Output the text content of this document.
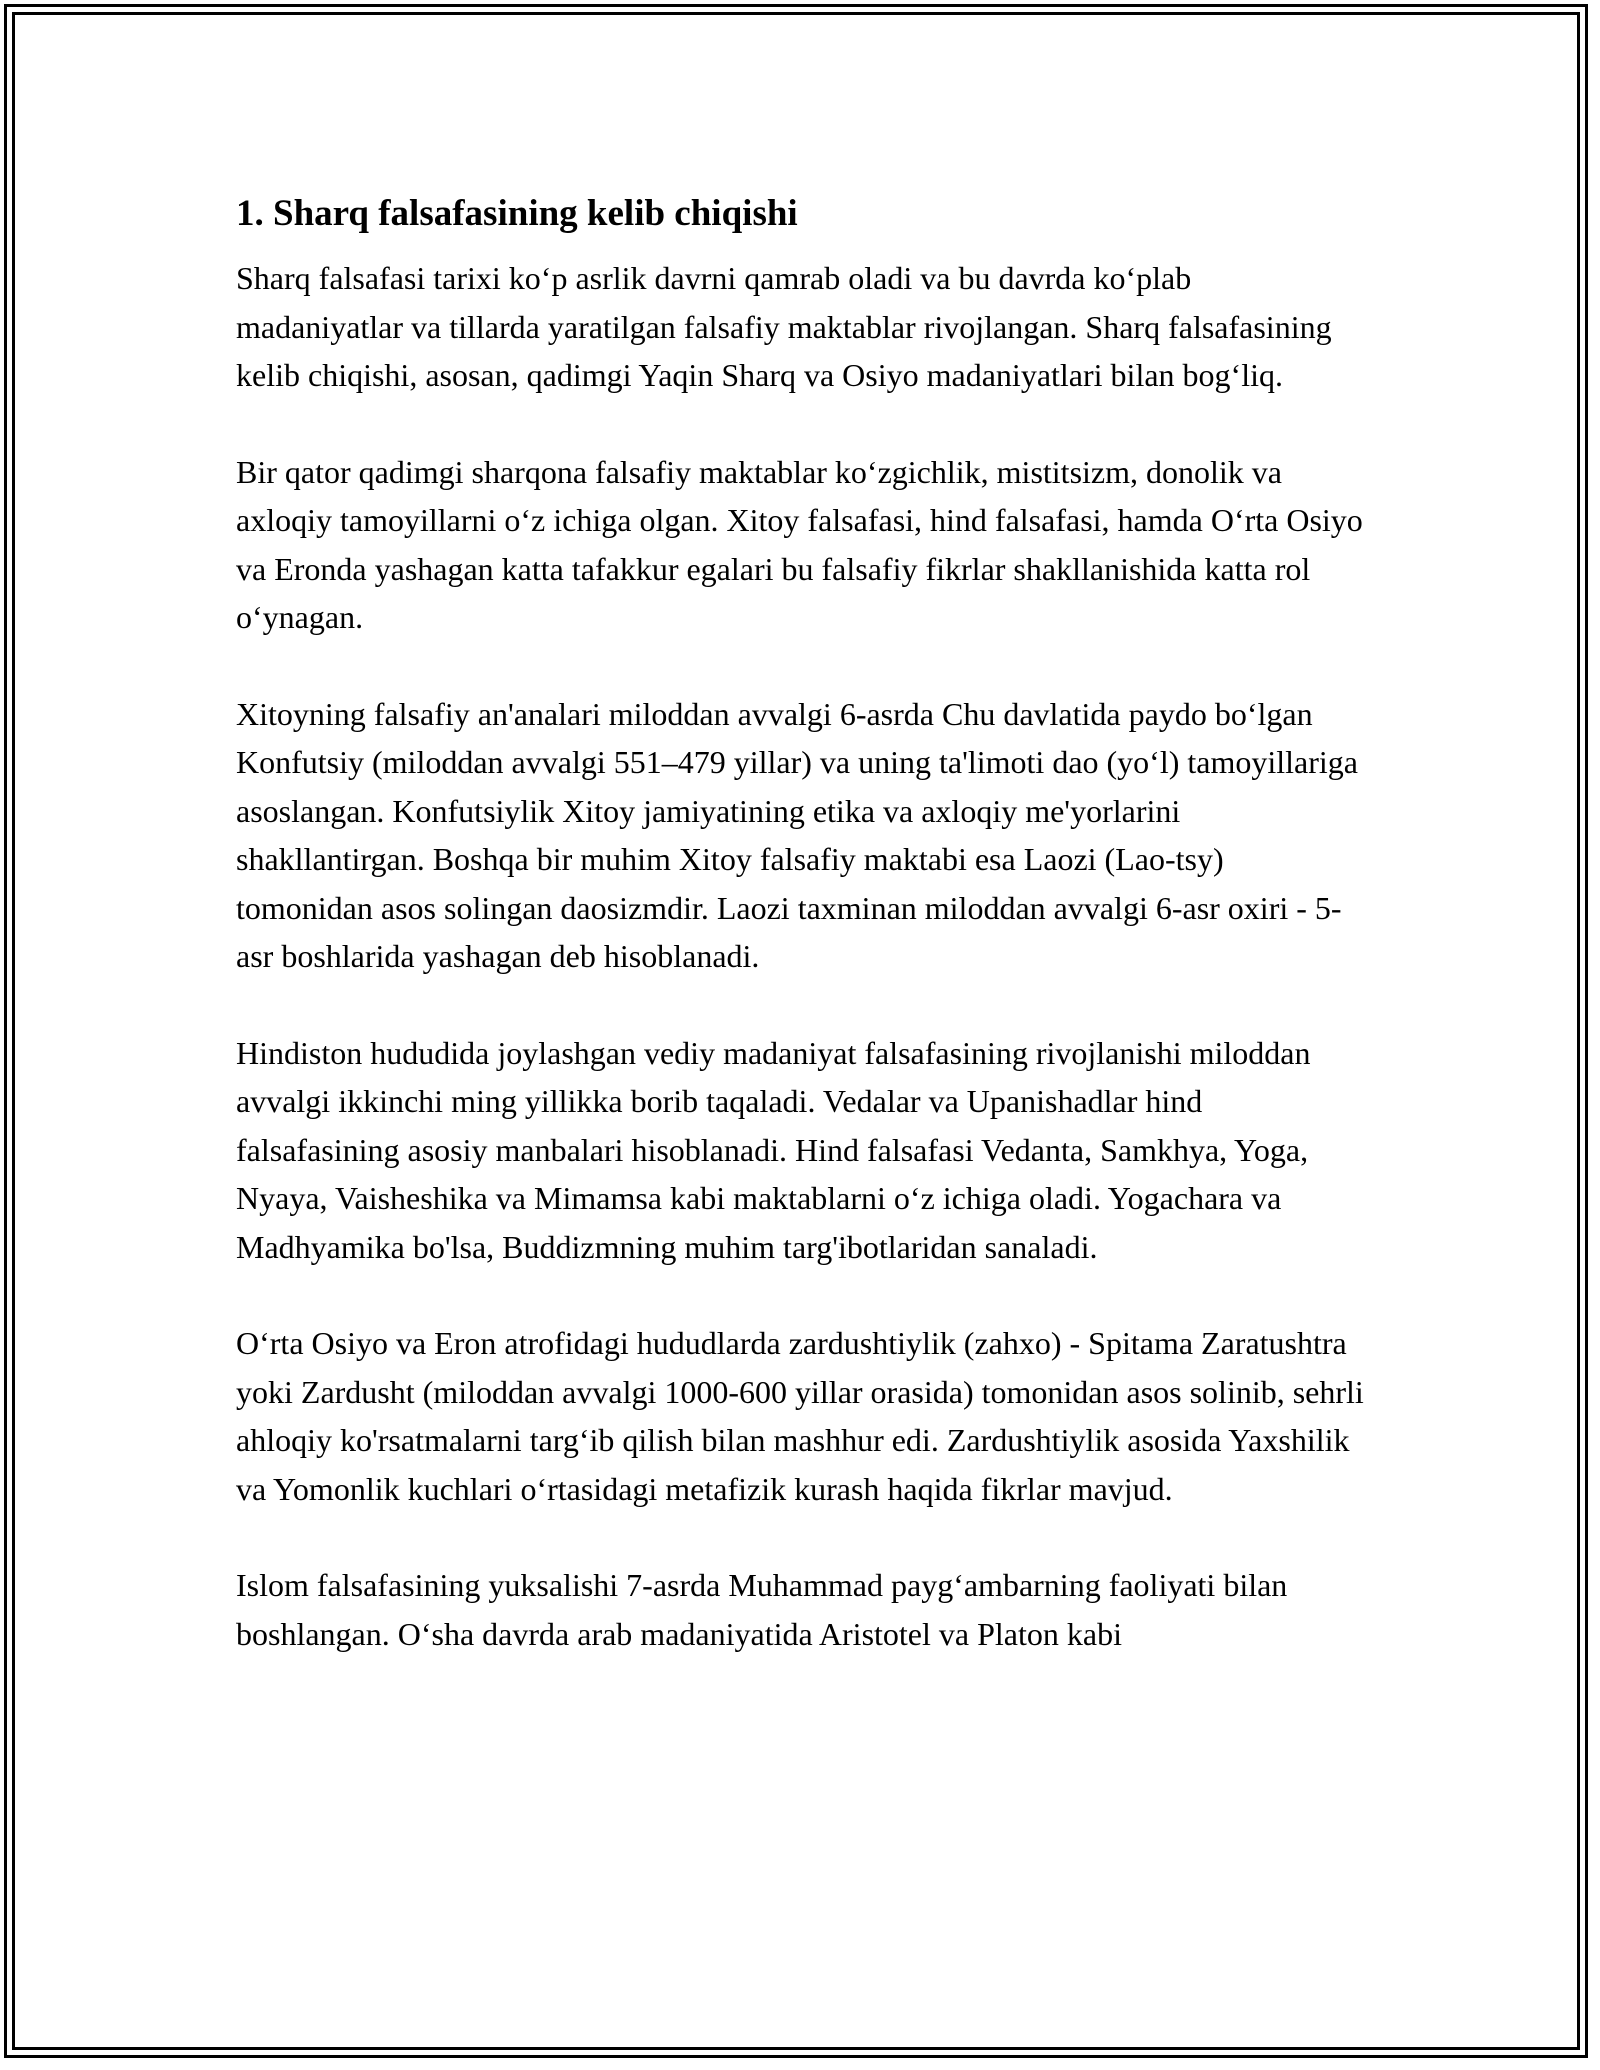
1. Sharq falsafasining kelib chiqishi

Sharq falsafasi tarixi ko‘p asrlik davrni qamrab oladi va bu davrda ko‘plab madaniyatlar va tillarda yaratilgan falsafiy maktablar rivojlangan. Sharq falsafasining kelib chiqishi, asosan, qadimgi Yaqin Sharq va Osiyo madaniyatlari bilan bog‘liq.

Bir qator qadimgi sharqona falsafiy maktablar ko‘zgichlik, mistitsizm, donolik va axloqiy tamoyillarni o‘z ichiga olgan. Xitoy falsafasi, hind falsafasi, hamda O‘rta Osiyo va Eronda yashagan katta tafakkur egalari bu falsafiy fikrlar shakllanishida katta rol o‘ynagan.

Xitoyning falsafiy an'analari miloddan avvalgi 6-asrda Chu davlatida paydo bo‘lgan Konfutsiy (miloddan avvalgi 551–479 yillar) va uning ta'limoti dao (yo‘l) tamoyillariga asoslangan. Konfutsiylik Xitoy jamiyatining etika va axloqiy me'yorlarini shakllantirgan. Boshqa bir muhim Xitoy falsafiy maktabi esa Laozi (Lao-tsy) tomonidan asos solingan daosizmdir. Laozi taxminan miloddan avvalgi 6-asr oxiri - 5-asr boshlarida yashagan deb hisoblanadi.

Hindiston hududida joylashgan vediy madaniyat falsafasining rivojlanishi miloddan avvalgi ikkinchi ming yillikka borib taqaladi. Vedalar va Upanishadlar hind falsafasining asosiy manbalari hisoblanadi. Hind falsafasi Vedanta, Samkhya, Yoga, Nyaya, Vaisheshika va Mimamsa kabi maktablarni o‘z ichiga oladi. Yogachara va Madhyamika bo'lsa, Buddizmning muhim targ'ibotlaridan sanaladi.

O‘rta Osiyo va Eron atrofidagi hududlarda zardushtiylik (zahxo) - Spitama Zaratushtra yoki Zardusht (miloddan avvalgi 1000-600 yillar orasida) tomonidan asos solinib, sehrli ahloqiy ko'rsatmalarni targ‘ib qilish bilan mashhur edi. Zardushtiylik asosida Yaxshilik va Yomonlik kuchlari o‘rtasidagi metafizik kurash haqida fikrlar mavjud.

Islom falsafasining yuksalishi 7-asrda Muhammad payg‘ambarning faoliyati bilan boshlangan. O‘sha davrda arab madaniyatida Aristotel va Platon kabi
